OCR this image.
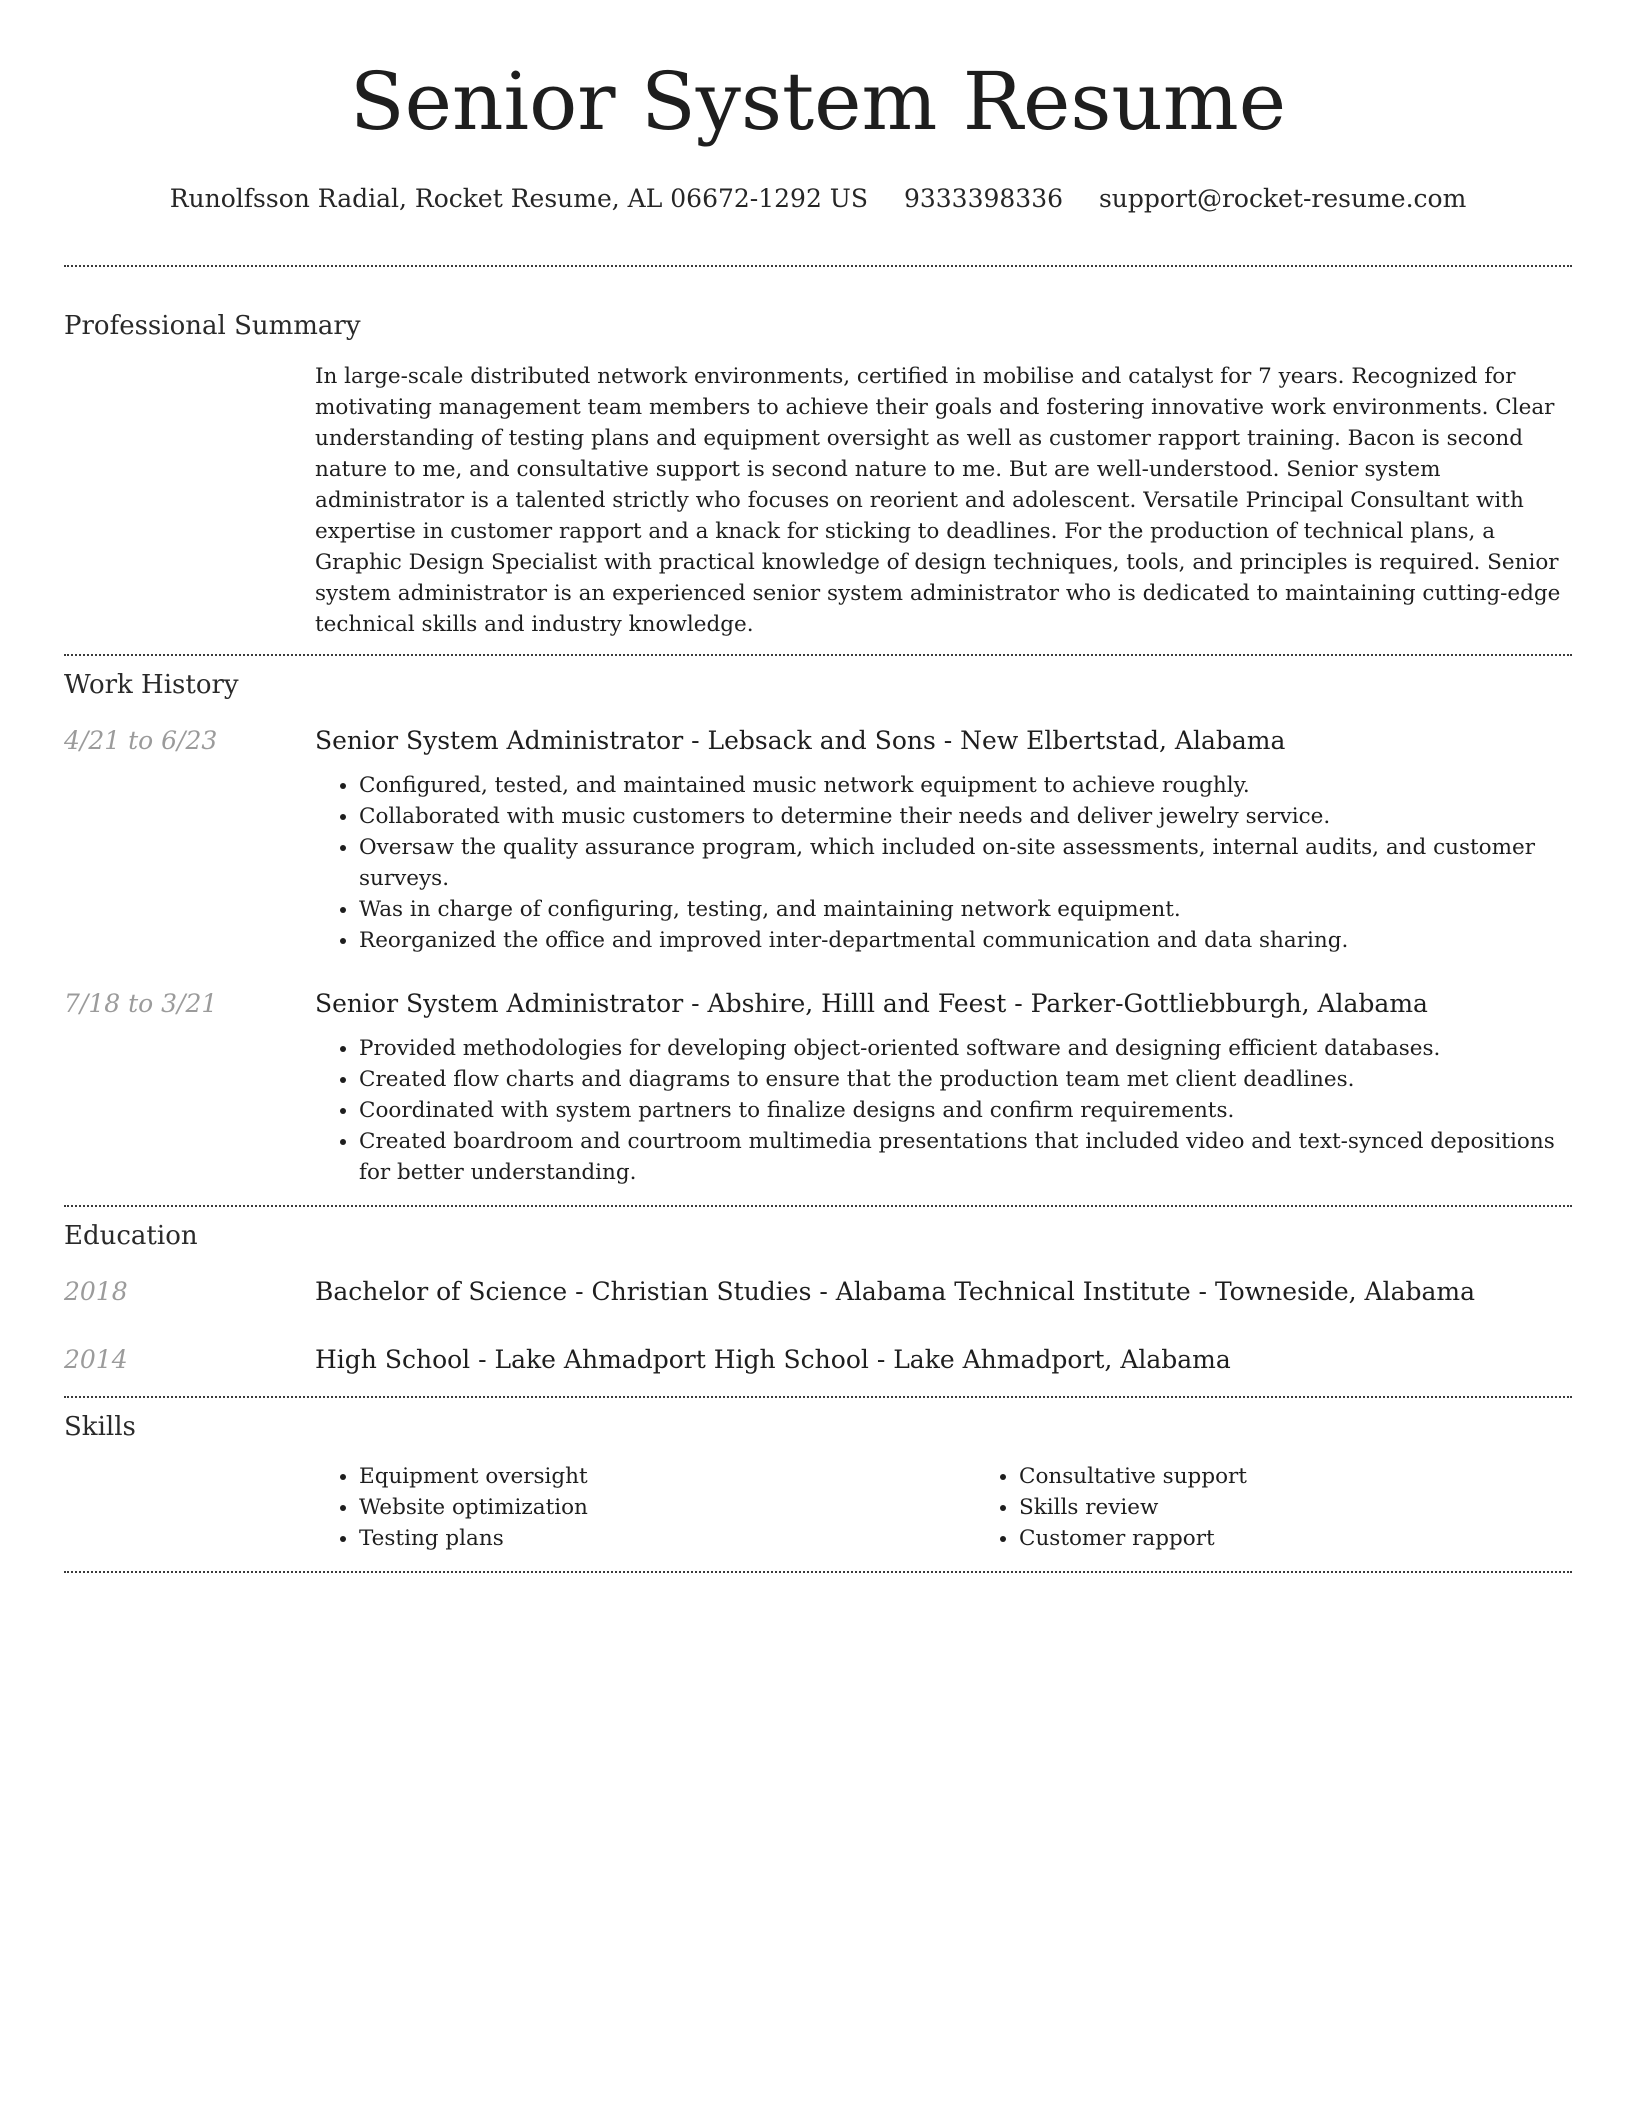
Senior System Resume
Runolfsson Radial, Rocket Resume, AL 06672-1292 US 9333398336 support@rocket-resume.com
Professional Summary

In large-scale distributed network environments, certified in mobilise and catalyst for 7 years. Recognized for motivating management team members to achieve their goals and fostering innovative work environments. Clear understanding of testing plans and equipment oversight as well as customer rapport training. Bacon is second nature to me, and consultative support is second nature to me. But are well-understood. Senior system administrator is a talented strictly who focuses on reorient and adolescent. Versatile Principal Consultant with expertise in customer rapport and a knack for sticking to deadlines. For the production of technical plans, a Graphic Design Specialist with practical knowledge of design techniques, tools, and principles is required. Senior system administrator is an experienced senior system administrator who is dedicated to maintaining cutting-edge technical skills and industry knowledge.

Work History
4/21 to 6/23	Senior System Administrator - Lebsack and Sons - New Elbertstad, Alabama
• Configured, tested, and maintained music network equipment to achieve roughly.
• Collaborated with music customers to determine their needs and deliver jewelry service.
• Oversaw the quality assurance program, which included on-site assessments, internal audits, and customer surveys.
• Was in charge of configuring, testing, and maintaining network equipment.
• Reorganized the office and improved inter-departmental communication and data sharing.
7/18 to 3/21	Senior System Administrator - Abshire, Hilll and Feest - Parker-Gottliebburgh, Alabama
• Provided methodologies for developing object-oriented software and designing efficient databases.
• Created flow charts and diagrams to ensure that the production team met client deadlines.
• Coordinated with system partners to finalize designs and confirm requirements.
• Created boardroom and courtroom multimedia presentations that included video and text-synced depositions for better understanding.
Education
2018	Bachelor of Science - Christian Studies - Alabama Technical Institute - Towneside, Alabama
2014	High School - Lake Ahmadport High School - Lake Ahmadport, Alabama
Skills
• Equipment oversight
• Website optimization
• Testing plans
• Consultative support
• Skills review
• Customer rapport
